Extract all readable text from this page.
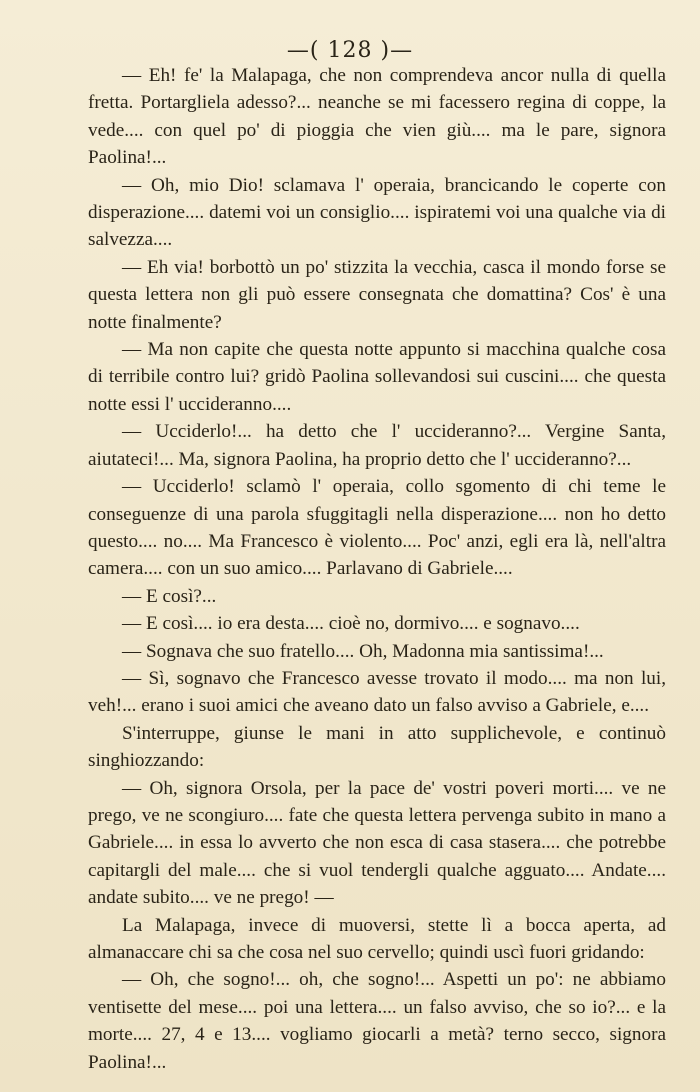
—( 128 )—

— Eh! fe' la Malapaga, che non comprendeva ancor nulla di quella fretta. Portargliela adesso?... neanche se mi facessero regina di coppe, la vede.... con quel po' di pioggia che vien giù.... ma le pare, signora Paolina!...

— Oh, mio Dio! sclamava l' operaia, brancicando le coperte con disperazione.... datemi voi un consiglio.... ispiratemi voi una qualche via di salvezza....

— Eh via! borbottò un po' stizzita la vecchia, casca il mondo forse se questa lettera non gli può essere consegnata che domattina? Cos' è una notte finalmente?

— Ma non capite che questa notte appunto si macchina qualche cosa di terribile contro lui? gridò Paolina sollevandosi sui cuscini.... che questa notte essi l' uccideranno....

— Ucciderlo!... ha detto che l' uccideranno?... Vergine Santa, aiutateci!... Ma, signora Paolina, ha proprio detto che l' uccideranno?...

— Ucciderlo! sclamò l' operaia, collo sgomento di chi teme le conseguenze di una parola sfuggitagli nella disperazione.... non ho detto questo.... no.... Ma Francesco è violento.... Poc' anzi, egli era là, nell'altra camera.... con un suo amico.... Parlavano di Gabriele....

— E così?...

— E così.... io era desta.... cioè no, dormivo.... e sognavo....

— Sognava che suo fratello.... Oh, Madonna mia santissima!...

— Sì, sognavo che Francesco avesse trovato il modo.... ma non lui, veh!... erano i suoi amici che aveano dato un falso avviso a Gabriele, e....

S'interruppe, giunse le mani in atto supplichevole, e continuò singhiozzando:

— Oh, signora Orsola, per la pace de' vostri poveri morti.... ve ne prego, ve ne scongiuro.... fate che questa lettera pervenga subito in mano a Gabriele.... in essa lo avverto che non esca di casa stasera.... che potrebbe capitargli del male.... che si vuol tendergli qualche agguato.... Andate.... andate subito.... ve ne prego! —

La Malapaga, invece di muoversi, stette lì a bocca aperta, ad almanaccare chi sa che cosa nel suo cervello; quindi uscì fuori gridando:

— Oh, che sogno!... oh, che sogno!... Aspetti un po': ne abbiamo ventisette del mese.... poi una lettera.... un falso avviso, che so io?... e la morte.... 27, 4 e 13.... vogliamo giocarli a metà? terno secco, signora Paolina!...
